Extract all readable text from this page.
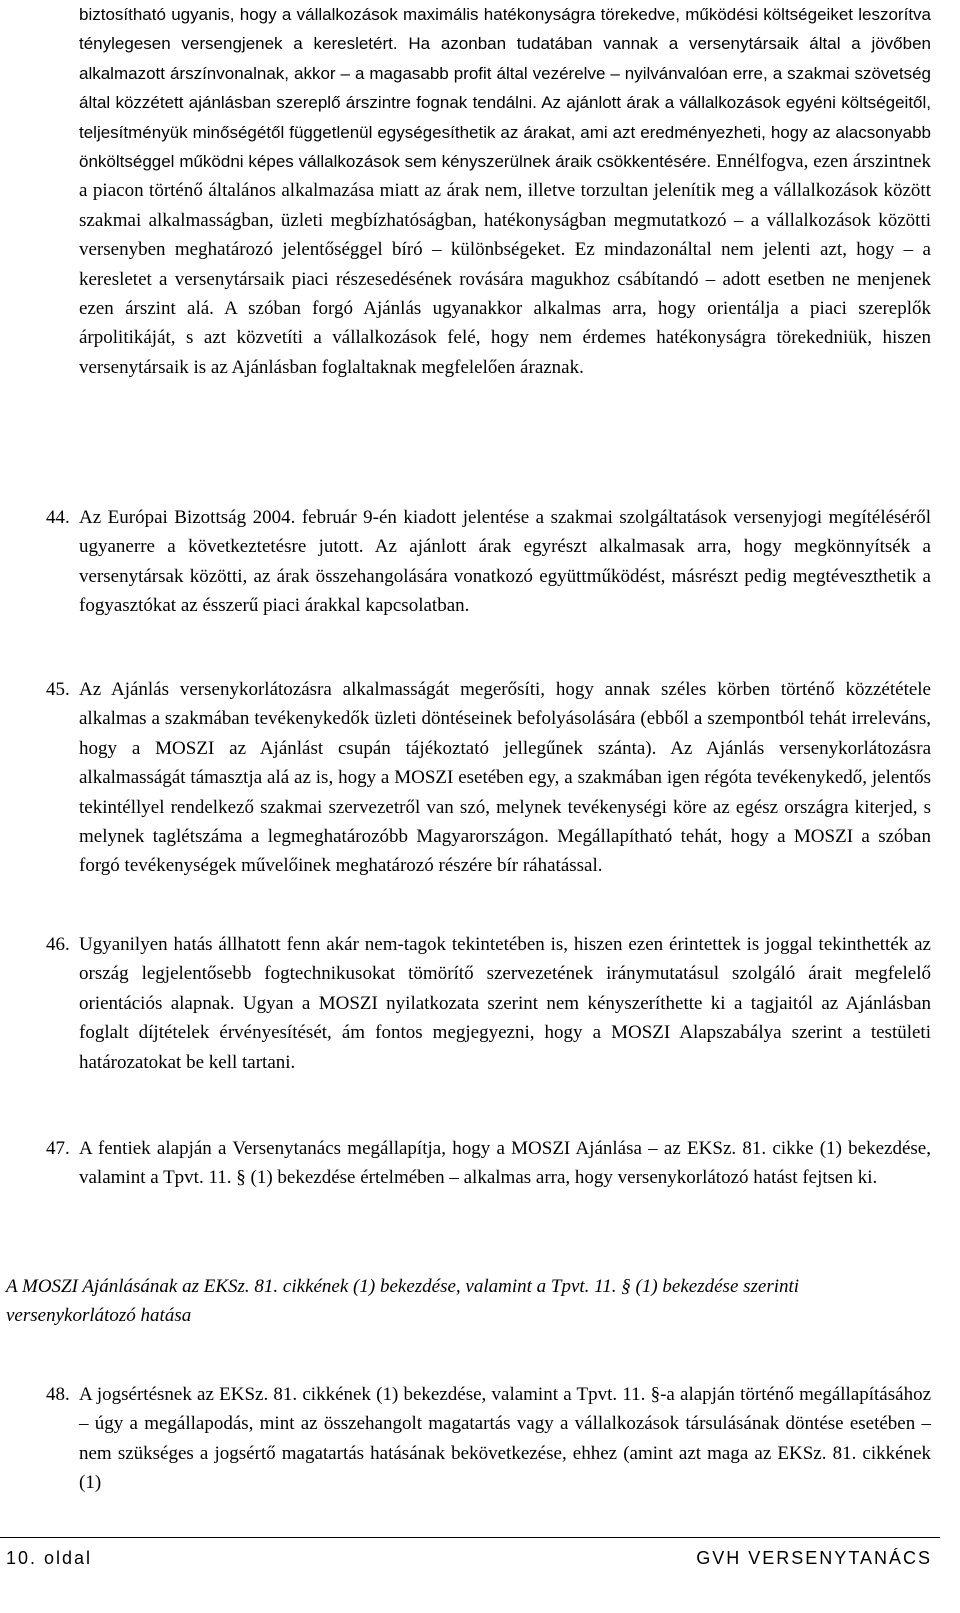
biztosítható ugyanis, hogy a vállalkozások maximális hatékonyságra törekedve, működési költségeiket leszorítva ténylegesen versengjenek a keresletért. Ha azonban tudatában vannak a versenytársaik által a jövőben alkalmazott árszínvonalnak, akkor – a magasabb profit által vezérelve – nyilvánvalóan erre, a szakmai szövetség által közzétett ajánlásban szereplő árszintre fognak tendálni. Az ajánlott árak a vállalkozások egyéni költségeitől, teljesítményük minőségétől függetlenül egységesíthetik az árakat, ami azt eredményezheti, hogy az alacsonyabb önköltséggel működni képes vállalkozások sem kényszerülnek áraik csökkentésére. Ennélfogva, ezen árszintnek a piacon történő általános alkalmazása miatt az árak nem, illetve torzultan jelenítik meg a vállalkozások között szakmai alkalmasságban, üzleti megbízhatóságban, hatékonyságban megmutatkozó – a vállalkozások közötti versenyben meghatározó jelentőséggel bíró – különbségeket. Ez mindazonáltal nem jelenti azt, hogy – a keresletet a versenytársaik piaci részesedésének rovására magukhoz csábítandó – adott esetben ne menjenek ezen árszint alá. A szóban forgó Ajánlás ugyanakkor alkalmas arra, hogy orientálja a piaci szereplők árpolitikáját, s azt közvetíti a vállalkozások felé, hogy nem érdemes hatékonyságra törekedniük, hiszen versenytársaik is az Ajánlásban foglaltaknak megfelelően áraznak.

44. Az Európai Bizottság 2004. február 9-én kiadott jelentése a szakmai szolgáltatások versenyjogi megítéléséről ugyanerre a következtetésre jutott. Az ajánlott árak egyrészt alkalmasak arra, hogy megkönnyítsék a versenytársak közötti, az árak összehangolására vonatkozó együttműködést, másrészt pedig megtéveszthetik a fogyasztókat az ésszerű piaci árakkal kapcsolatban.

45. Az Ajánlás versenykorlátozásra alkalmasságát megerősíti, hogy annak széles körben történő közzététele alkalmas a szakmában tevékenykedők üzleti döntéseinek befolyásolására (ebből a szempontból tehát irreleváns, hogy a MOSZI az Ajánlást csupán tájékoztató jellegűnek szánta). Az Ajánlás versenykorlátozásra alkalmasságát támasztja alá az is, hogy a MOSZI esetében egy, a szakmában igen régóta tevékenykedő, jelentős tekintéllyel rendelkező szakmai szervezetről van szó, melynek tevékenységi köre az egész országra kiterjed, s melynek taglétszáma a legmeghatározóbb Magyarországon. Megállapítható tehát, hogy a MOSZI a szóban forgó tevékenységek művelőinek meghatározó részére bír ráhatással.

46. Ugyanilyen hatás állhatott fenn akár nem-tagok tekintetében is, hiszen ezen érintettek is joggal tekinthették az ország legjelentősebb fogtechnikusokat tömörítő szervezetének iránymutatásul szolgáló árait megfelelő orientációs alapnak. Ugyan a MOSZI nyilatkozata szerint nem kényszeríthette ki a tagjaitól az Ajánlásban foglalt díjtételek érvényesítését, ám fontos megjegyezni, hogy a MOSZI Alapszabálya szerint a testületi határozatokat be kell tartani.

47. A fentiek alapján a Versenytanács megállapítja, hogy a MOSZI Ajánlása – az EKSz. 81. cikke (1) bekezdése, valamint a Tpvt. 11. § (1) bekezdése értelmében – alkalmas arra, hogy versenykorlátozó hatást fejtsen ki.

A MOSZI Ajánlásának az EKSz. 81. cikkének (1) bekezdése, valamint a Tpvt. 11. § (1) bekezdése szerinti versenykorlátozó hatása

48. A jogsértésnek az EKSz. 81. cikkének (1) bekezdése, valamint a Tpvt. 11. §-a alapján történő megállapításához – úgy a megállapodás, mint az összehangolt magatartás vagy a vállalkozások társulásának döntése esetében – nem szükséges a jogsértő magatartás hatásának bekövetkezése, ehhez (amint azt maga az EKSz. 81. cikkének (1)

10. oldal	GVH VERSENYTANÁCS
